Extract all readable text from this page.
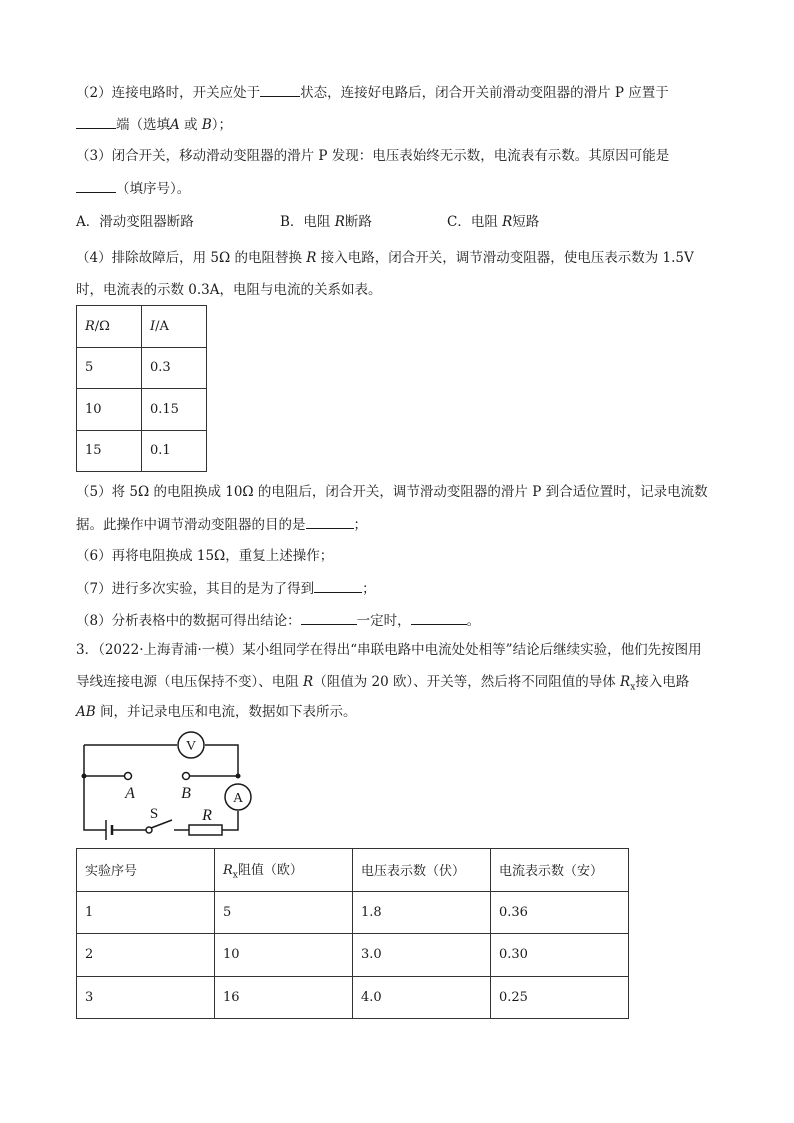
（2）连接电路时，开关应处于	状态，连接好电路后，闭合开关前滑动变阻器的滑片 P 应置于
端（选填A 或 B）；
（3）闭合开关，移动滑动变阻器的滑片 P 发现：电压表始终无示数，电流表有示数。其原因可能是
（填序号）。
A．滑动变阻器断路	B．电阻 R断路	C．电阻 R短路
（4）排除故障后，用 5Ω 的电阻替换 R 接入电路，闭合开关，调节滑动变阻器，使电压表示数为 1.5V
时，电流表的示数 0.3A，电阻与电流的关系如表。
R/Ω	I/A
5	0.3
10	0.15
15	0.1
（5）将 5Ω 的电阻换成 10Ω 的电阻后，闭合开关，调节滑动变阻器的滑片 P 到合适位置时，记录电流数
据。此操作中调节滑动变阻器的目的是	；
（6）再将电阻换成 15Ω，重复上述操作；
（7）进行多次实验，其目的是为了得到	；
（8）分析表格中的数据可得出结论：	一定时，	。
3．（2022·上海青浦·一模）某小组同学在得出“串联电路中电流处处相等”结论后继续实验，他们先按图用
导线连接电源（电压保持不变）、电阻 R（阻值为 20 欧）、开关等，然后将不同阻值的导体 $R_x$接入电路
AB 间，并记录电压和电流，数据如下表所示。
V
A
A	B
S	R
实验序号	$R_x$阻值（欧）	电压表示数（伏）	电流表示数（安）
1	5	1.8	0.36
2	10	3.0	0.30
3	16	4.0	0.25
